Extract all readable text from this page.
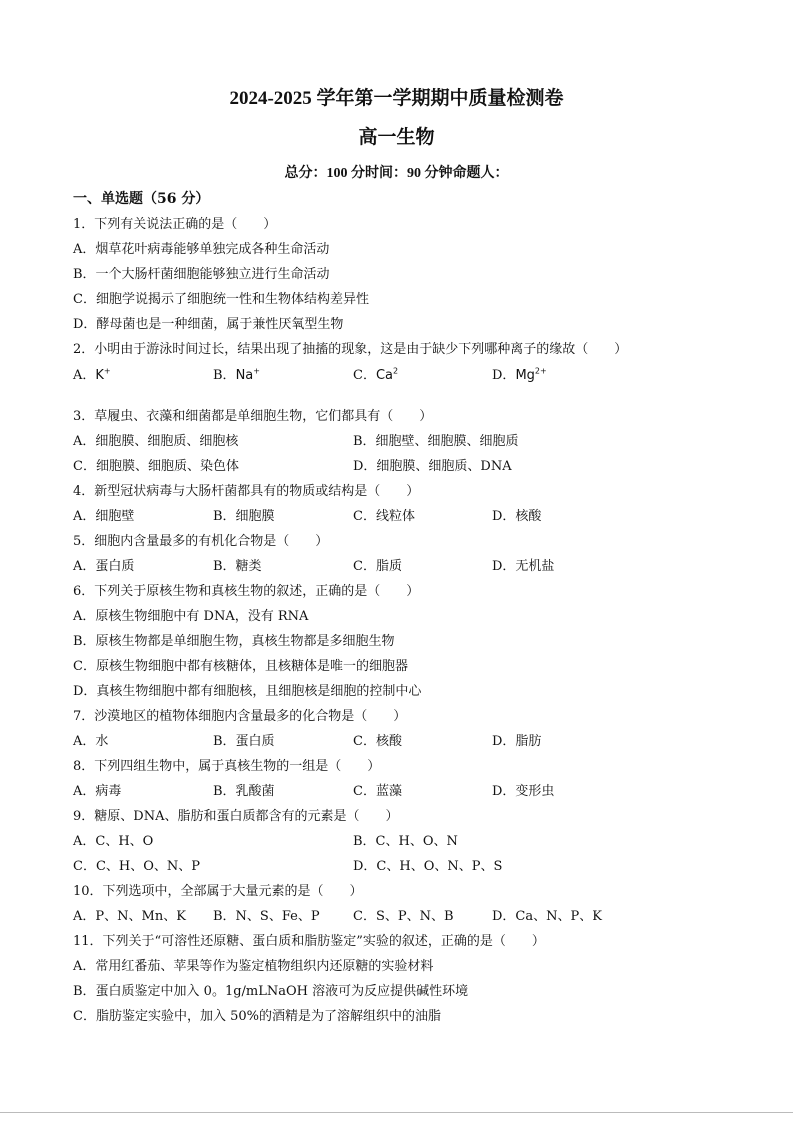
2024-2025 学年第一学期期中质量检测卷
高一生物
总分：100 分时间：90 分钟命题人：
一、单选题（56 分）
1．下列有关说法正确的是（　　）
A．烟草花叶病毒能够单独完成各种生命活动
B．一个大肠杆菌细胞能够独立进行生命活动
C．细胞学说揭示了细胞统一性和生物体结构差异性
D．酵母菌也是一种细菌，属于兼性厌氧型生物
2．小明由于游泳时间过长，结果出现了抽搐的现象，这是由于缺少下列哪种离子的缘故（　　）
A．K+	B．Na+	C．Ca$^2$	D．$Mg^{2+}$
3．草履虫、衣藻和细菌都是单细胞生物，它们都具有（　　）
A．细胞膜、细胞质、细胞核	B．细胞壁、细胞膜、细胞质
C．细胞膜、细胞质、染色体	D．细胞膜、细胞质、DNA
4．新型冠状病毒与大肠杆菌都具有的物质或结构是（　　）
A．细胞壁	B．细胞膜	C．线粒体	D．核酸
5．细胞内含量最多的有机化合物是（　　）
A．蛋白质	B．糖类	C．脂质	D．无机盐
6．下列关于原核生物和真核生物的叙述，正确的是（　　）
A．原核生物细胞中有 DNA，没有 RNA
B．原核生物都是单细胞生物，真核生物都是多细胞生物
C．原核生物细胞中都有核糖体，且核糖体是唯一的细胞器
D．真核生物细胞中都有细胞核，且细胞核是细胞的控制中心
7．沙漠地区的植物体细胞内含量最多的化合物是（　　）
A．水	B．蛋白质	C．核酸	D．脂肪
8．下列四组生物中，属于真核生物的一组是（　　）
A．病毒	B．乳酸菌	C．蓝藻	D．变形虫
9．糖原、DNA、脂肪和蛋白质都含有的元素是（　　）
A．C、H、O	B．C、H、O、N
C．C、H、O、N、P	D．C、H、O、N、P、S
10．下列选项中，全部属于大量元素的是（　　）
A．P、N、Mn、K B．N、S、Fe、P	C．S、P、N、B	D．Ca、N、P、K
11．下列关于“可溶性还原糖、蛋白质和脂肪鉴定”实验的叙述，正确的是（　　）
A．常用红番茄、苹果等作为鉴定植物组织内还原糖的实验材料
B．蛋白质鉴定中加入 0。1g/mLNaOH 溶液可为反应提供碱性环境
C．脂肪鉴定实验中，加入 50%的酒精是为了溶解组织中的油脂
